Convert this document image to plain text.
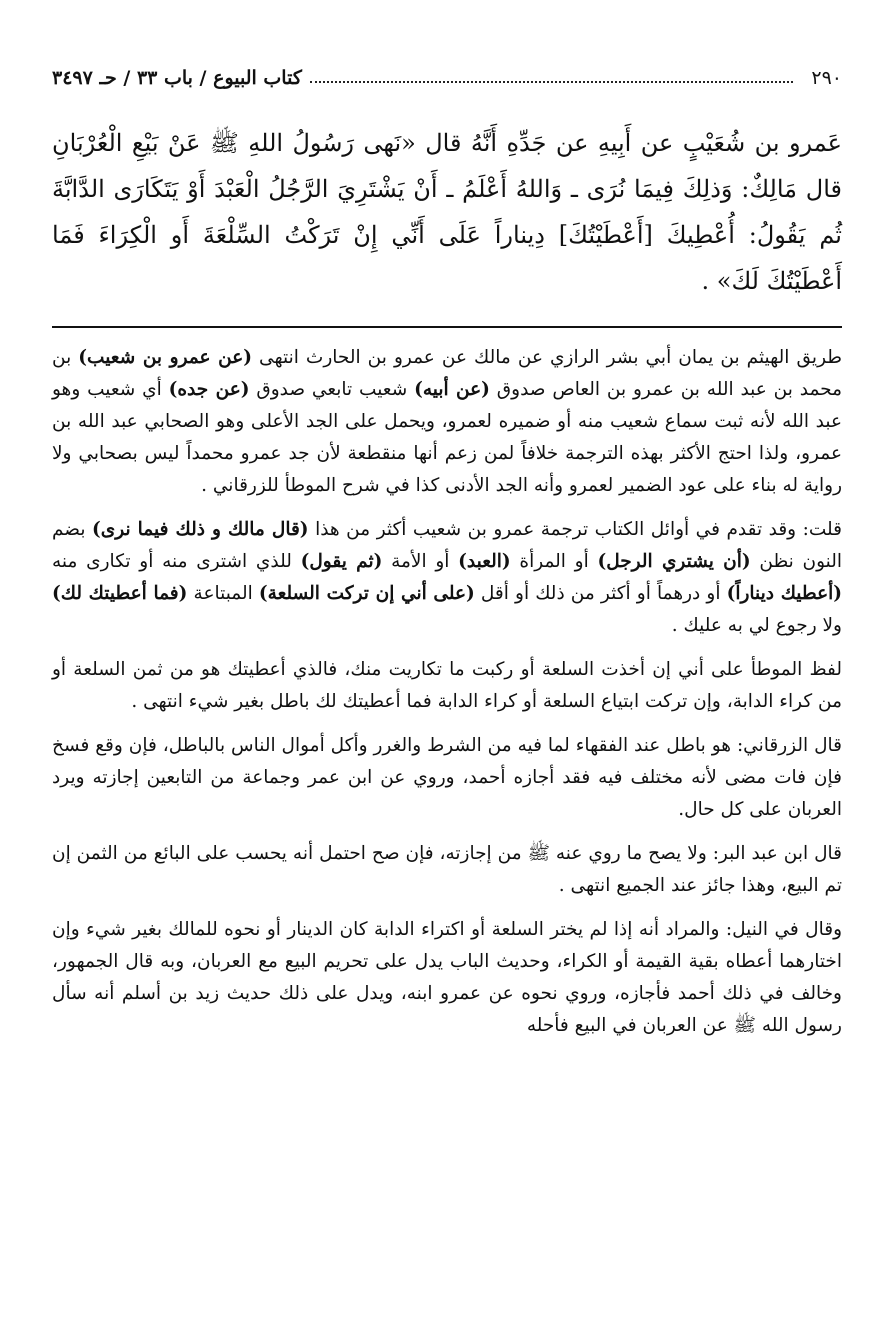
٢٩٠
كتاب البيوع / باب ٣٣ / حـ ٣٤٩٧

عَمرو بن شُعَيْبٍ عن أَبِيهِ عن جَدِّهِ أَنَّهُ قال «نَهى رَسُولُ اللهِ ﷺ عَنْ بَيْعِ الْعُرْبَانِ قال مَالِكٌ: وَذلِكَ فِيمَا نُرَى ـ وَاللهُ أَعْلَمُ ـ أَنْ يَشْتَرِيَ الرَّجُلُ الْعَبْدَ أَوْ يَتَكَارَى الدَّابَّةَ ثُم يَقُولُ: أُعْطِيكَ [أَعْطَيْتُكَ] دِيناراً عَلَى أَنِّي إِنْ تَرَكْتُ السِّلْعَةَ أَو الْكِرَاءَ فَمَا أَعْطَيْتُكَ لَكَ» .

طريق الهيثم بن يمان أبي بشر الرازي عن مالك عن عمرو بن الحارث انتهى (عن عمرو بن شعيب) بن محمد بن عبد الله بن عمرو بن العاص صدوق (عن أبيه) شعيب تابعي صدوق (عن جده) أي شعيب وهو عبد الله لأنه ثبت سماع شعيب منه أو ضميره لعمرو، ويحمل على الجد الأعلى وهو الصحابي عبد الله بن عمرو، ولذا احتج الأكثر بهذه الترجمة خلافاً لمن زعم أنها منقطعة لأن جد عمرو محمداً ليس بصحابي ولا رواية له بناء على عود الضمير لعمرو وأنه الجد الأدنى كذا في شرح الموطأ للزرقاني .

قلت: وقد تقدم في أوائل الكتاب ترجمة عمرو بن شعيب أكثر من هذا (قال مالك و ذلك فيما نرى) بضم النون نظن (أن يشتري الرجل) أو المرأة (العبد) أو الأمة (ثم يقول) للذي اشترى منه أو تكارى منه (أعطيك ديناراً) أو درهماً أو أكثر من ذلك أو أقل (على أني إن تركت السلعة) المبتاعة (فما أعطيتك لك) ولا رجوع لي به عليك .

لفظ الموطأ على أني إن أخذت السلعة أو ركبت ما تكاريت منك، فالذي أعطيتك هو من ثمن السلعة أو من كراء الدابة، وإن تركت ابتياع السلعة أو كراء الدابة فما أعطيتك لك باطل بغير شيء انتهى .

قال الزرقاني: هو باطل عند الفقهاء لما فيه من الشرط والغرر وأكل أموال الناس بالباطل، فإن وقع فسخ فإن فات مضى لأنه مختلف فيه فقد أجازه أحمد، وروي عن ابن عمر وجماعة من التابعين إجازته ويرد العربان على كل حال.

قال ابن عبد البر: ولا يصح ما روي عنه ﷺ من إجازته، فإن صح احتمل أنه يحسب على البائع من الثمن إن تم البيع، وهذا جائز عند الجميع انتهى .

وقال في النيل: والمراد أنه إذا لم يختر السلعة أو اكتراء الدابة كان الدينار أو نحوه للمالك بغير شيء وإن اختارهما أعطاه بقية القيمة أو الكراء، وحديث الباب يدل على تحريم البيع مع العربان، وبه قال الجمهور، وخالف في ذلك أحمد فأجازه، وروي نحوه عن عمرو ابنه، ويدل على ذلك حديث زيد بن أسلم أنه سأل رسول الله ﷺ عن العربان في البيع فأحله
